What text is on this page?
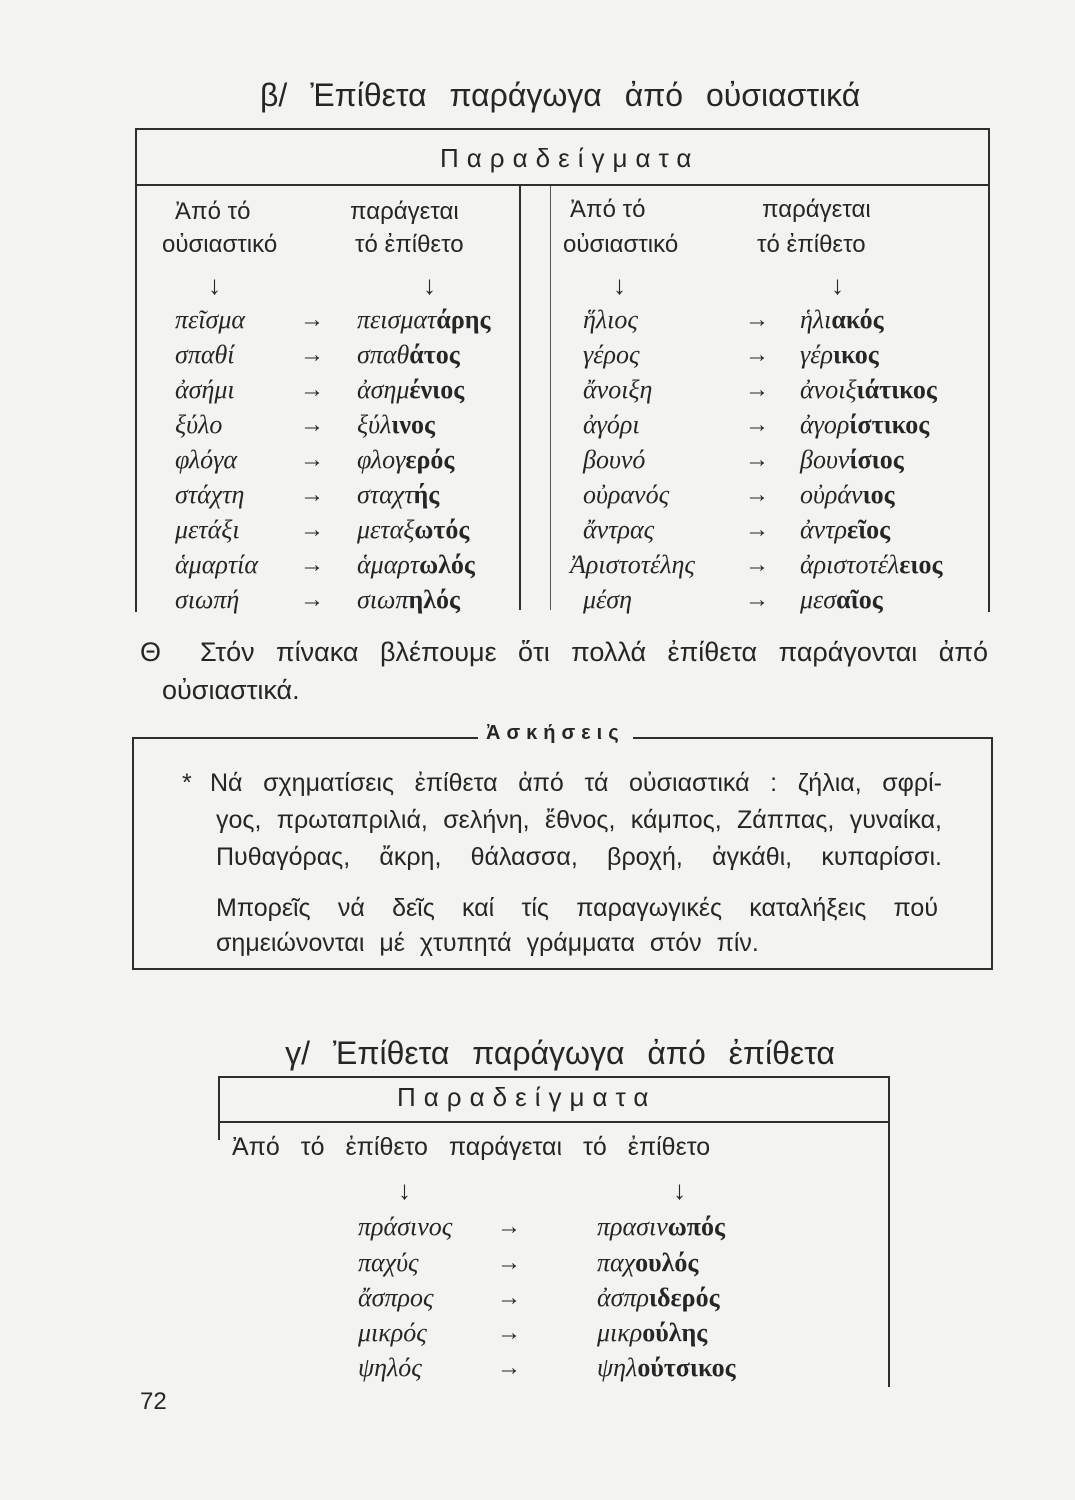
β/ Ἐπίθετα παράγωγα ἀπό οὐσιαστικά
Παραδείγματα
Ἀπό τό	παράγεται
οὐσιαστικό	τό ἐπίθετο
↓	↓
Ἀπό τό	παράγεται
οὐσιαστικό	τό ἐπίθετο
↓	↓
πεῖσμα → πεισματάρης	ἥλιος	→ ἡλιακός
σπαθί	→ σπαθάτος	γέρος	→ γέρικος
ἀσήμι	→ ἀσημένιος	ἄνοιξη	→ ἀνοιξιάτικος
ξύλο	→ ξύλινος	ἀγόρι	→ ἀγορίστικος
φλόγα	→ φλογερός	βουνό	→ βουνίσιος
στάχτη → σταχτής	οὐρανός	→ οὐράνιος
μετάξι	→ μεταξωτός	ἄντρας	→ ἀντρεῖος
ἁμαρτία → ἁμαρτωλός	Ἀριστοτέλης → ἀριστοτέλειος
σιωπή	→ σιωπηλός	μέση	→ μεσαῖος
Θ Στόν πίνακα βλέπουμε ὅτι πολλά ἐπίθετα παράγονται ἀπό
οὐσιαστικά.
Ἀσκήσεις
* Νά σχηματίσεις ἐπίθετα ἀπό τά οὐσιαστικά : ζήλια, σφρί-
γος, πρωταπριλιά, σελήνη, ἔθνος, κάμπος, Ζάππας, γυναίκα,
Πυθαγόρας, ἄκρη, θάλασσα, βροχή, ἀγκάθι, κυπαρίσσι.
Μπορεῖς νά δεῖς καί τίς παραγωγικές καταλήξεις πού
σημειώνονται μέ χτυπητά γράμματα στόν πίν.
γ/ Ἐπίθετα παράγωγα ἀπό ἐπίθετα
Παραδείγματα
Ἀπό τό ἐπίθετο παράγεται τό ἐπίθετο
↓	↓
πράσινος →	πρασινωπός
παχύς	→	παχουλός
ἄσπρος	→	ἀσπριδερός
μικρός	→	μικρούλης
ψηλός	→	ψηλούτσικος
72
